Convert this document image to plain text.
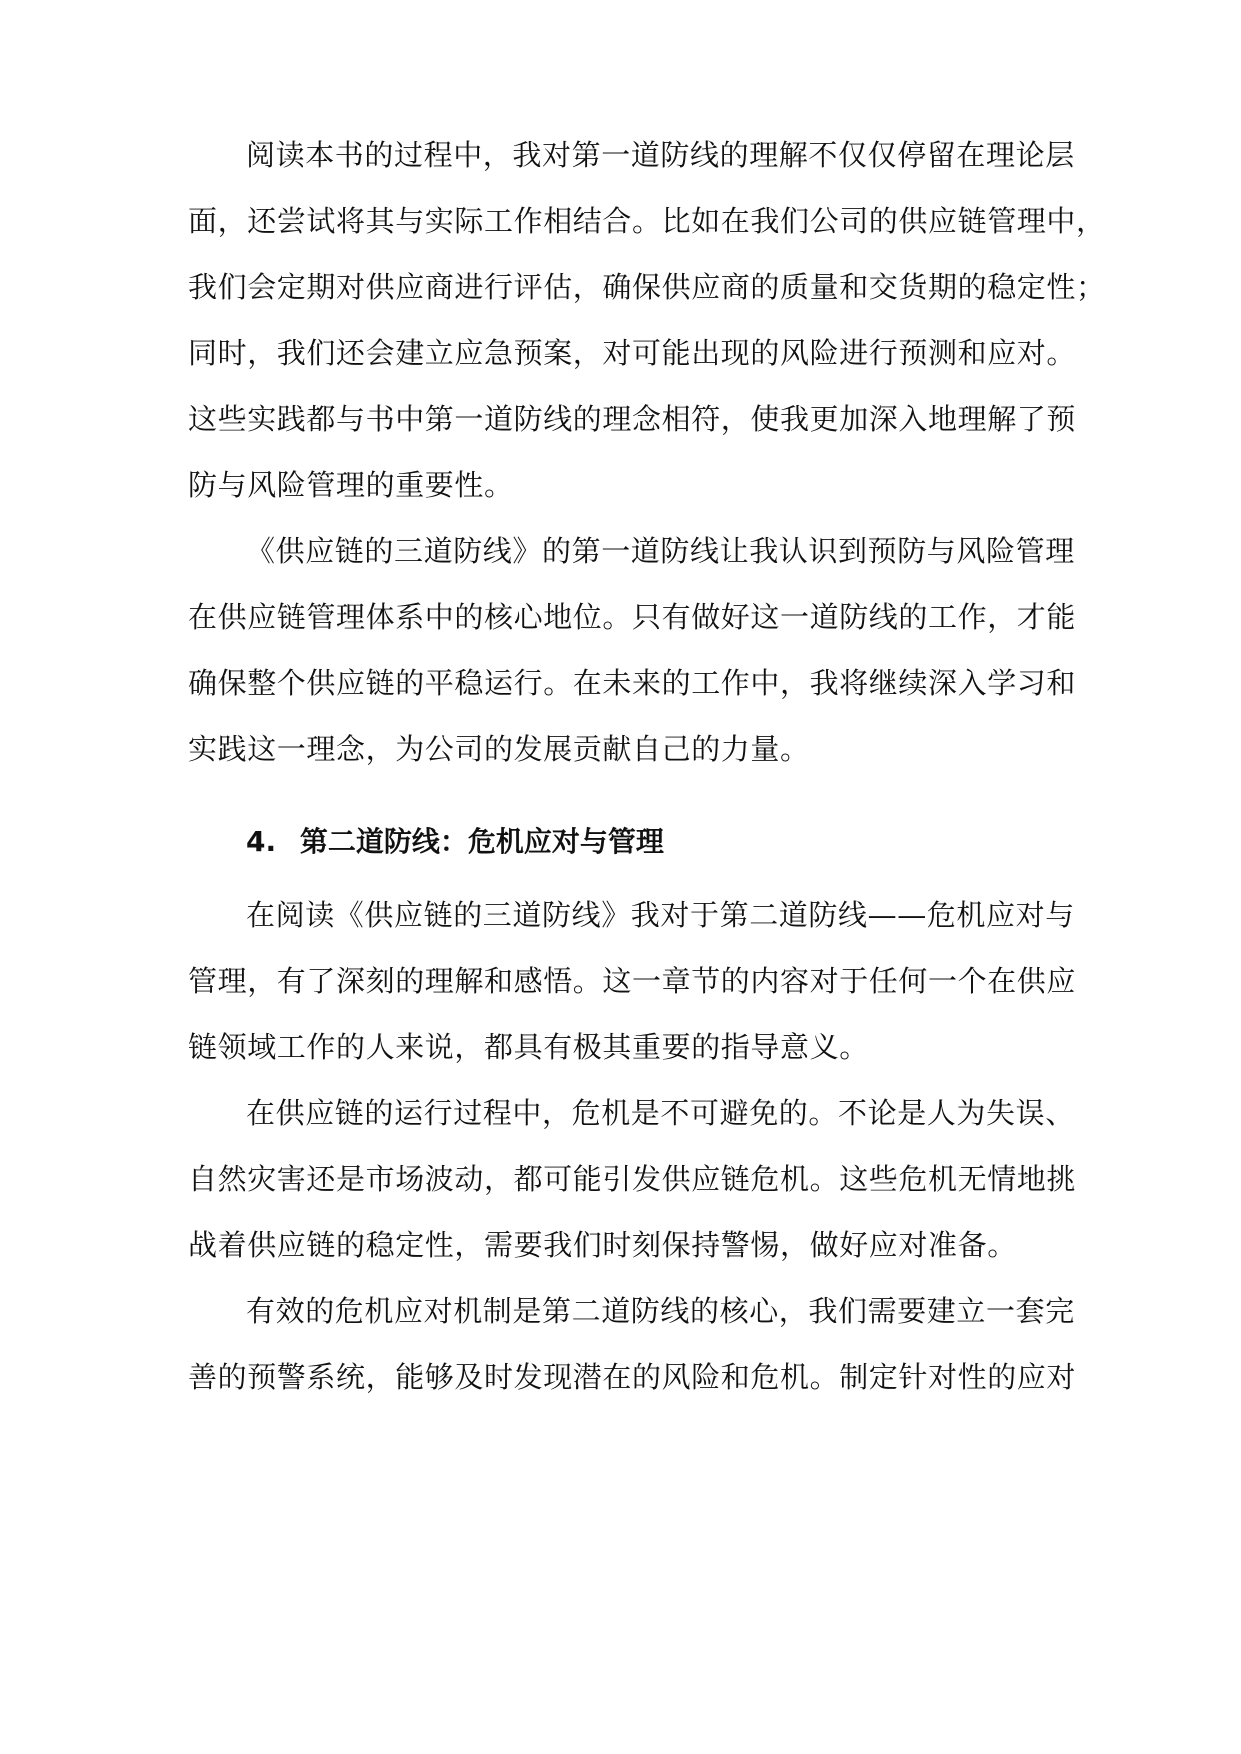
阅读本书的过程中，我对第一道防线的理解不仅仅停留在理论层
面，还尝试将其与实际工作相结合。比如在我们公司的供应链管理中，
我们会定期对供应商进行评估，确保供应商的质量和交货期的稳定性；
同时，我们还会建立应急预案，对可能出现的风险进行预测和应对。
这些实践都与书中第一道防线的理念相符，使我更加深入地理解了预
防与风险管理的重要性。
《供应链的三道防线》的第一道防线让我认识到预防与风险管理
在供应链管理体系中的核心地位。只有做好这一道防线的工作，才能
确保整个供应链的平稳运行。在未来的工作中，我将继续深入学习和
实践这一理念，为公司的发展贡献自己的力量。
4. 第二道防线：危机应对与管理
在阅读《供应链的三道防线》我对于第二道防线——危机应对与
管理，有了深刻的理解和感悟。这一章节的内容对于任何一个在供应
链领域工作的人来说，都具有极其重要的指导意义。
在供应链的运行过程中，危机是不可避免的。不论是人为失误、
自然灾害还是市场波动，都可能引发供应链危机。这些危机无情地挑
战着供应链的稳定性，需要我们时刻保持警惕，做好应对准备。
有效的危机应对机制是第二道防线的核心，我们需要建立一套完
善的预警系统，能够及时发现潜在的风险和危机。制定针对性的应对
